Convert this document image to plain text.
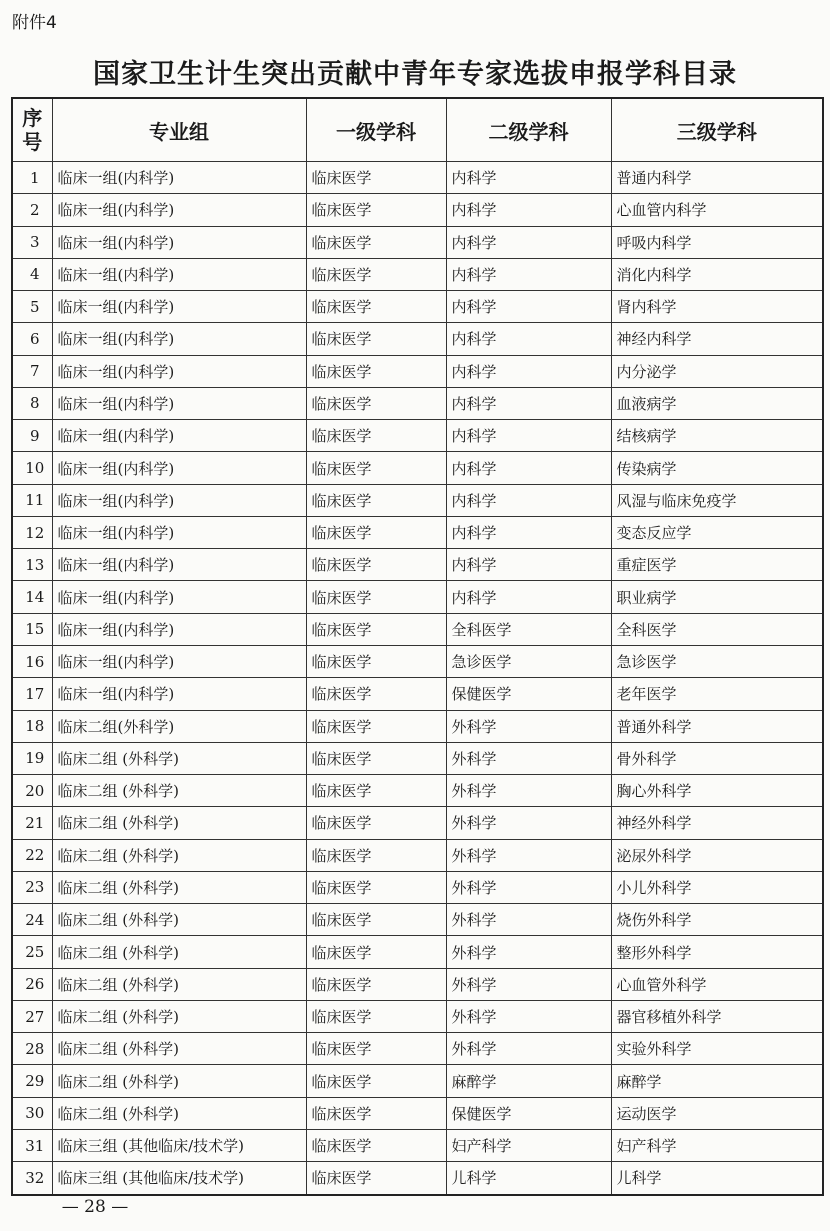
附件4
国家卫生计生突出贡献中青年专家选拔申报学科目录
序
号	专业组	一级学科	二级学科	三级学科
1	临床一组(内科学)	临床医学	内科学	普通内科学
2	临床一组(内科学)	临床医学	内科学	心血管内科学
3	临床一组(内科学)	临床医学	内科学	呼吸内科学
4	临床一组(内科学)	临床医学	内科学	消化内科学
5	临床一组(内科学)	临床医学	内科学	肾内科学
6	临床一组(内科学)	临床医学	内科学	神经内科学
7	临床一组(内科学)	临床医学	内科学	内分泌学
8	临床一组(内科学)	临床医学	内科学	血液病学
9	临床一组(内科学)	临床医学	内科学	结核病学
10	临床一组(内科学)	临床医学	内科学	传染病学
11	临床一组(内科学)	临床医学	内科学	风湿与临床免疫学
12	临床一组(内科学)	临床医学	内科学	变态反应学
13	临床一组(内科学)	临床医学	内科学	重症医学
14	临床一组(内科学)	临床医学	内科学	职业病学
15	临床一组(内科学)	临床医学	全科医学	全科医学
16	临床一组(内科学)	临床医学	急诊医学	急诊医学
17	临床一组(内科学)	临床医学	保健医学	老年医学
18	临床二组(外科学)	临床医学	外科学	普通外科学
19	临床二组 (外科学)	临床医学	外科学	骨外科学
20	临床二组 (外科学)	临床医学	外科学	胸心外科学
21	临床二组 (外科学)	临床医学	外科学	神经外科学
22	临床二组 (外科学)	临床医学	外科学	泌尿外科学
23	临床二组 (外科学)	临床医学	外科学	小儿外科学
24	临床二组 (外科学)	临床医学	外科学	烧伤外科学
25	临床二组 (外科学)	临床医学	外科学	整形外科学
26	临床二组 (外科学)	临床医学	外科学	心血管外科学
27	临床二组 (外科学)	临床医学	外科学	器官移植外科学
28	临床二组 (外科学)	临床医学	外科学	实验外科学
29	临床二组 (外科学)	临床医学	麻醉学	麻醉学
30	临床二组 (外科学)	临床医学	保健医学	运动医学
31	临床三组 (其他临床/技术学)	临床医学	妇产科学	妇产科学
32	临床三组 (其他临床/技术学)	临床医学	儿科学	儿科学
— 28 —
